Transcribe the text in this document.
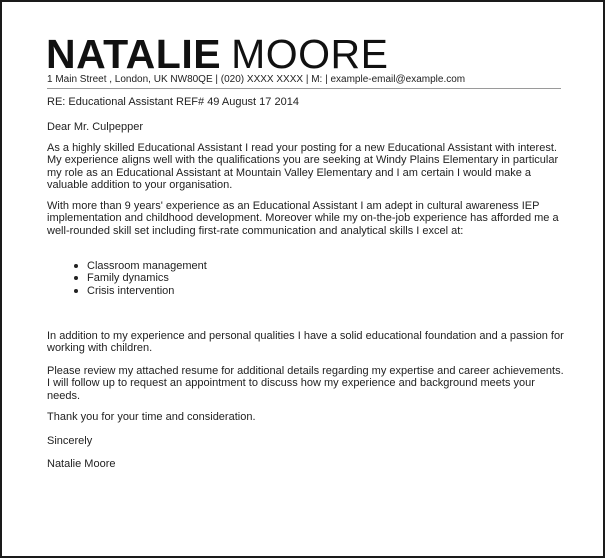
NATALIE MOORE
1 Main Street , London, UK NW80QE | (020) XXXX XXXX | M: | example-email@example.com
RE: Educational Assistant REF# 49 August 17 2014
Dear Mr. Culpepper
As a highly skilled Educational Assistant I read your posting for a new Educational Assistant with interest. My experience aligns well with the qualifications you are seeking at Windy Plains Elementary in particular my role as an Educational Assistant at Mountain Valley Elementary and I am certain I would make a valuable addition to your organisation.
With more than 9 years' experience as an Educational Assistant I am adept in cultural awareness IEP implementation and childhood development. Moreover while my on-the-job experience has afforded me a well-rounded skill set including first-rate communication and analytical skills I excel at:
Classroom management
Family dynamics
Crisis intervention
In addition to my experience and personal qualities I have a solid educational foundation and a passion for working with children.
Please review my attached resume for additional details regarding my expertise and career achievements. I will follow up to request an appointment to discuss how my experience and background meets your needs.
Thank you for your time and consideration.
Sincerely
Natalie Moore
